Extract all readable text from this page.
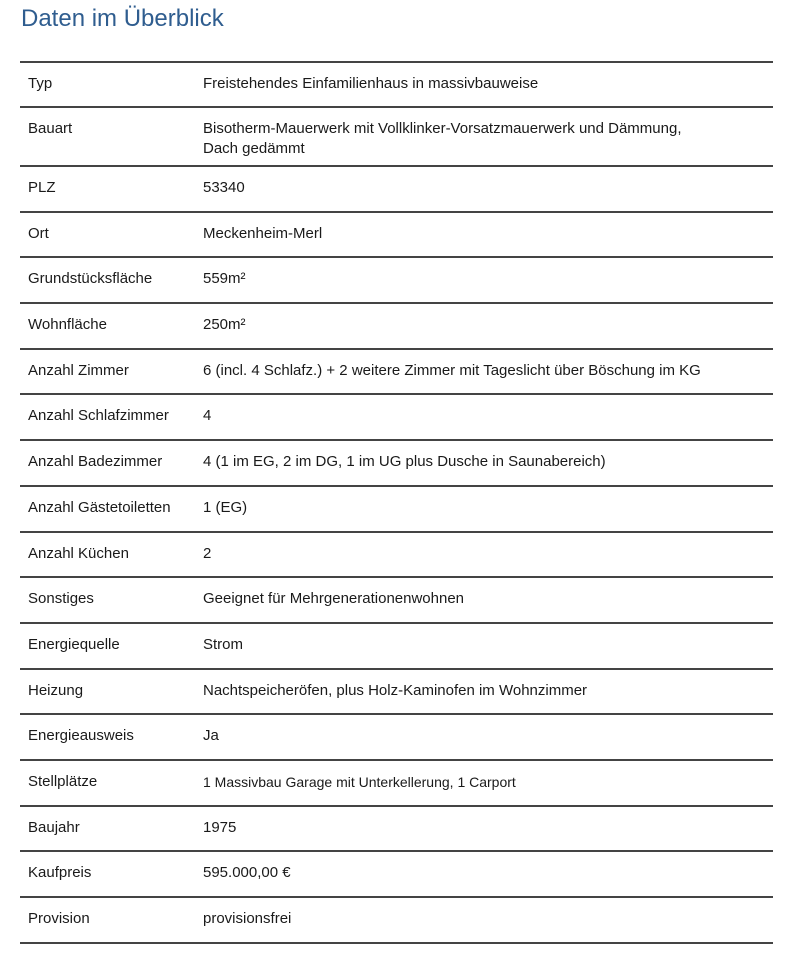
Daten im Überblick
Typ	Freistehendes Einfamilienhaus in massivbauweise
Bauart	Bisotherm-Mauerwerk mit Vollklinker-Vorsatzmauerwerk und Dämmung,
Dach gedämmt
PLZ	53340
Ort	Meckenheim-Merl
Grundstücksfläche	559m²
Wohnfläche	250m²
Anzahl Zimmer	6 (incl. 4 Schlafz.) + 2 weitere Zimmer mit Tageslicht über Böschung im KG
Anzahl Schlafzimmer	4
Anzahl Badezimmer	4 (1 im EG, 2 im DG, 1 im UG plus Dusche in Saunabereich)
Anzahl Gästetoiletten	1 (EG)
Anzahl Küchen	2
Sonstiges	Geeignet für Mehrgenerationenwohnen
Energiequelle	Strom
Heizung	Nachtspeicheröfen, plus Holz-Kaminofen im Wohnzimmer
Energieausweis	Ja
Stellplätze	1 Massivbau Garage mit Unterkellerung, 1 Carport
Baujahr	1975
Kaufpreis	595.000,00 €
Provision	provisionsfrei
